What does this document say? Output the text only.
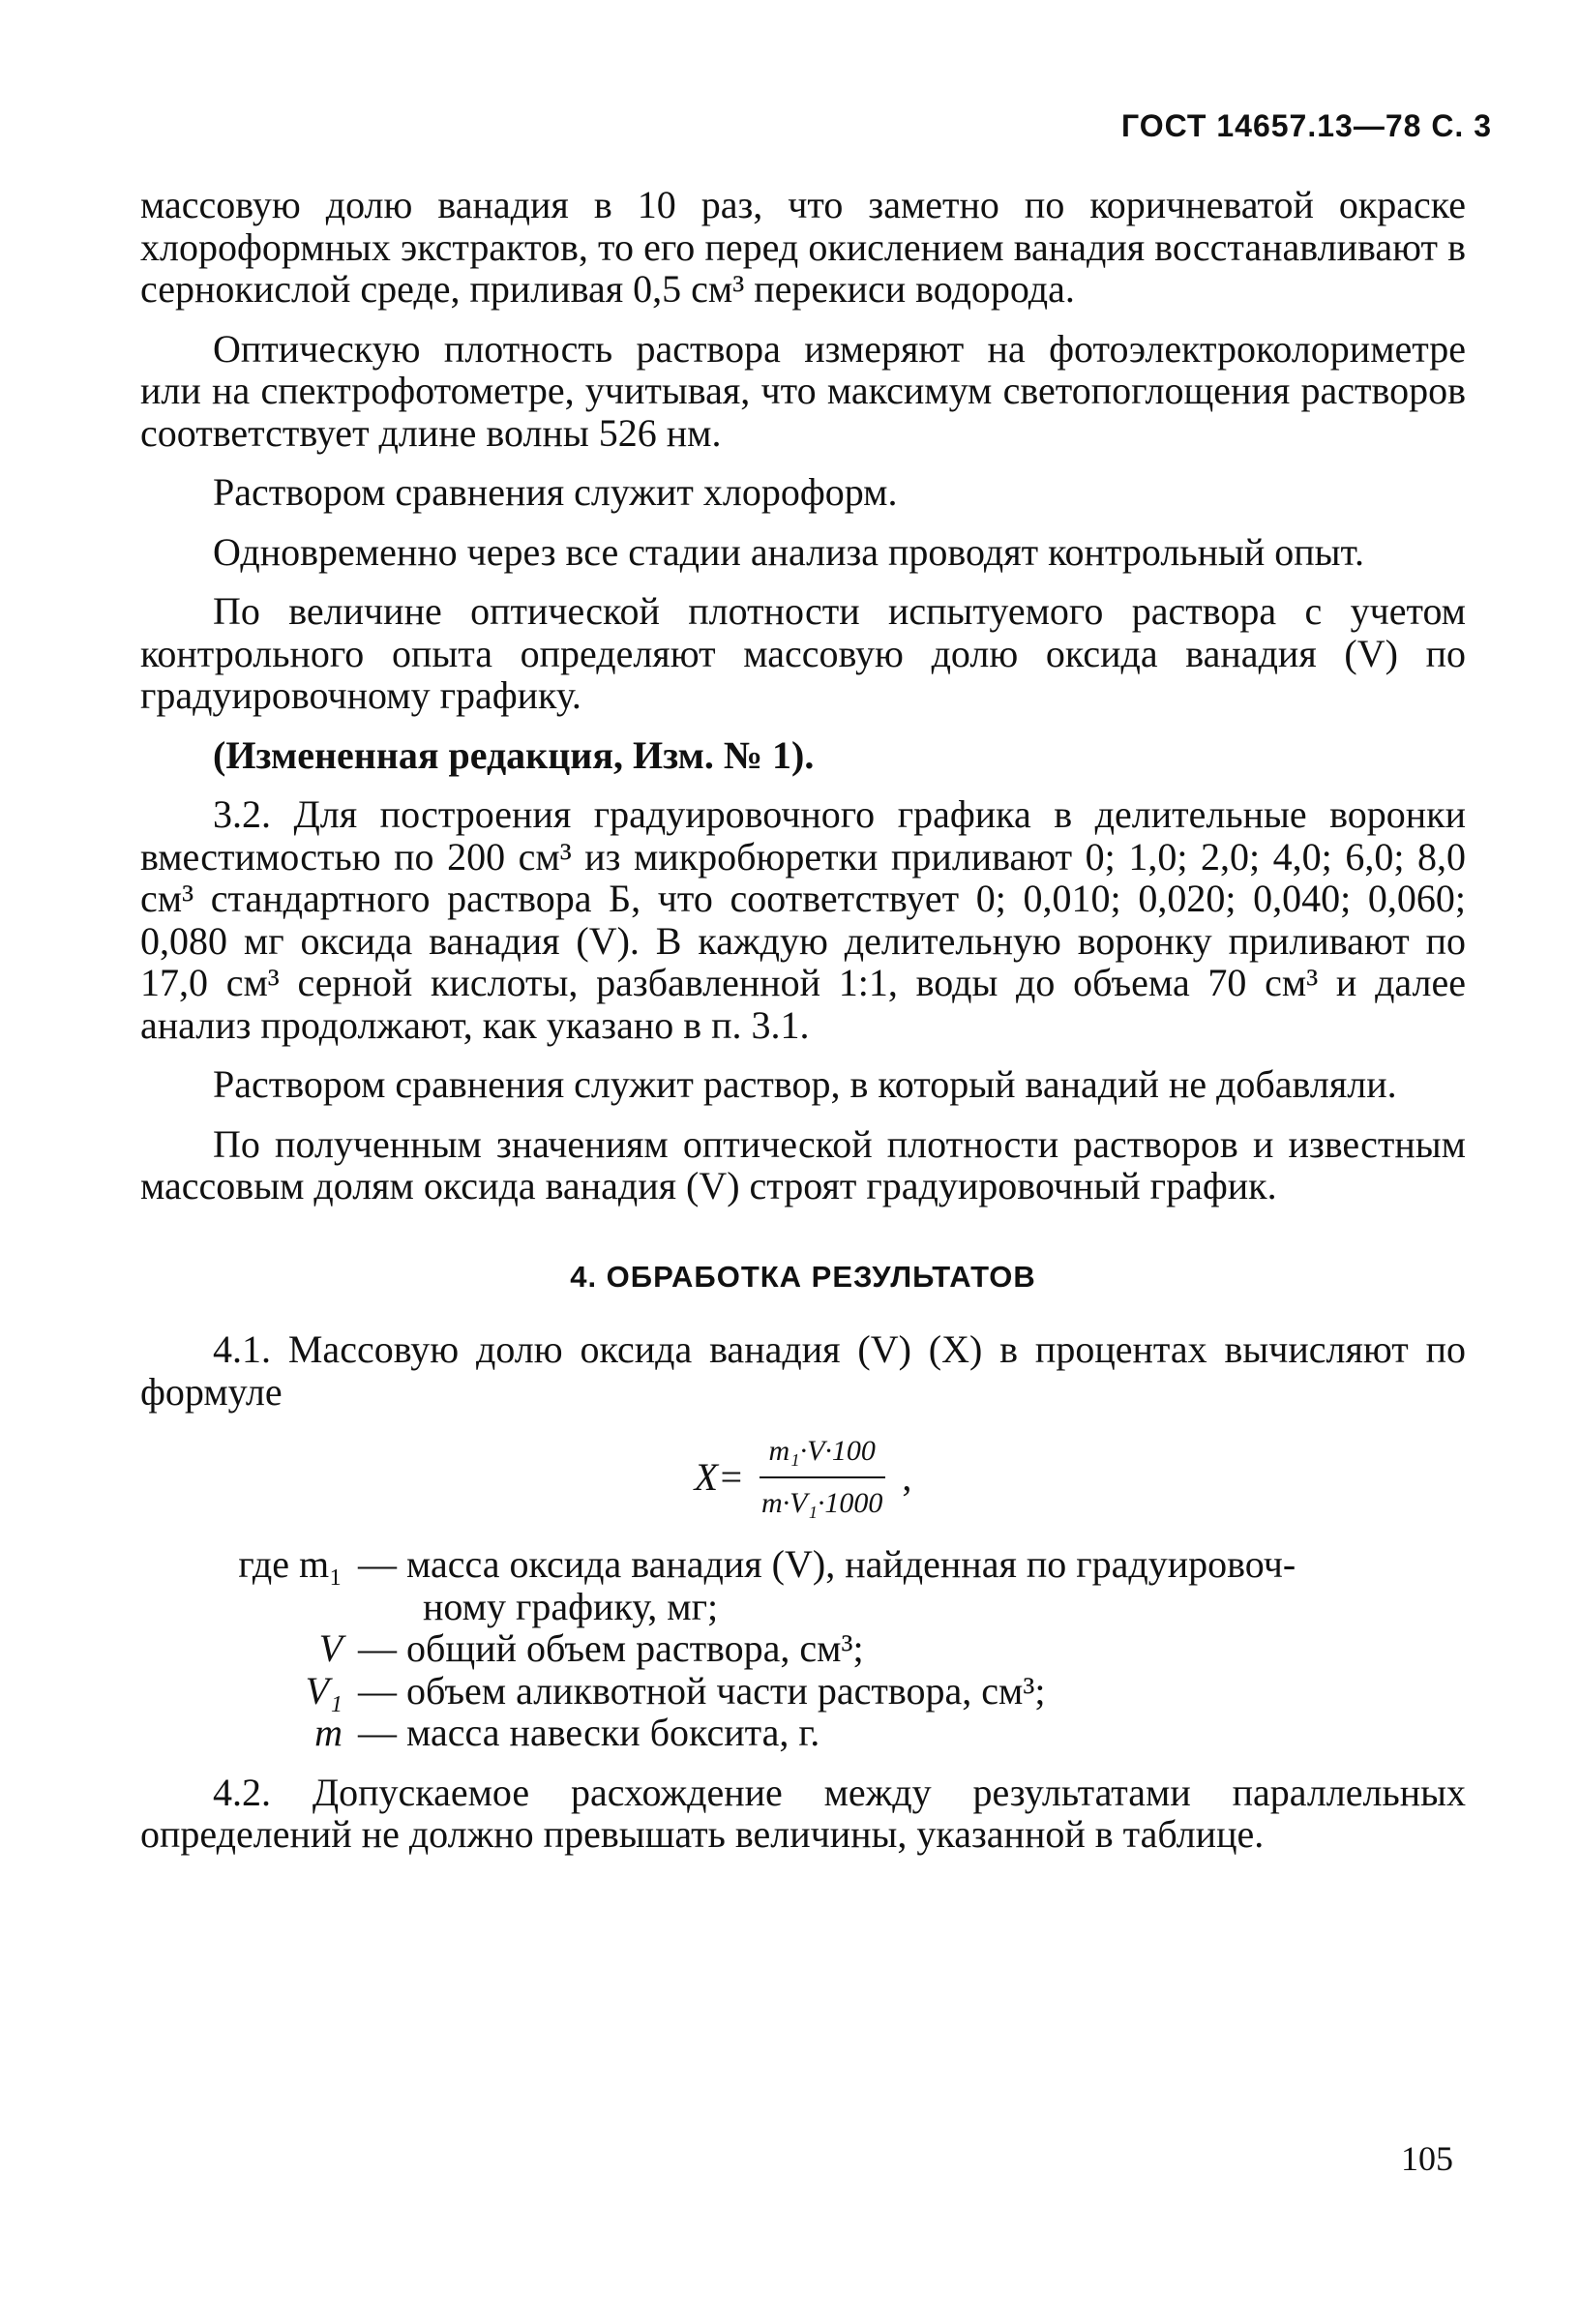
ГОСТ 14657.13—78 С. 3

массовую долю ванадия в 10 раз, что заметно по коричневатой окраске хлороформных экстрактов, то его перед окислением ванадия восстанавливают в сернокислой среде, приливая 0,5 см³ перекиси водорода.

Оптическую плотность раствора измеряют на фотоэлектроколориметре или на спектрофотометре, учитывая, что максимум светопоглощения растворов соответствует длине волны 526 нм.

Раствором сравнения служит хлороформ.

Одновременно через все стадии анализа проводят контрольный опыт.

По величине оптической плотности испытуемого раствора с учетом контрольного опыта определяют массовую долю оксида ванадия (V) по градуировочному графику.

(Измененная редакция, Изм. № 1).

3.2. Для построения градуировочного графика в делительные воронки вместимостью по 200 см³ из микробюретки приливают 0; 1,0; 2,0; 4,0; 6,0; 8,0 см³ стандартного раствора Б, что соответствует 0; 0,010; 0,020; 0,040; 0,060; 0,080 мг оксида ванадия (V). В каждую делительную воронку приливают по 17,0 см³ серной кислоты, разбавленной 1:1, воды до объема 70 см³ и далее анализ продолжают, как указано в п. 3.1.

Раствором сравнения служит раствор, в который ванадий не добавляли.

По полученным значениям оптической плотности растворов и известным массовым долям оксида ванадия (V) строят градуировочный график.

4. ОБРАБОТКА РЕЗУЛЬТАТОВ

4.1. Массовую долю оксида ванадия (V) (X) в процентах вычисляют по формуле

$X= \frac{\text{m₁·V·100}}{\text{m·V₁·1000}}$ ,
где m₁ — масса оксида ванадия (V), найденная по градуировоч-
ному графику, мг;
V — общий объем раствора, см³;
V₁ — объем аликвотной части раствора, см³;
m — масса навески боксита, г.

4.2. Допускаемое расхождение между результатами параллельных определений не должно превышать величины, указанной в таблице.

105
